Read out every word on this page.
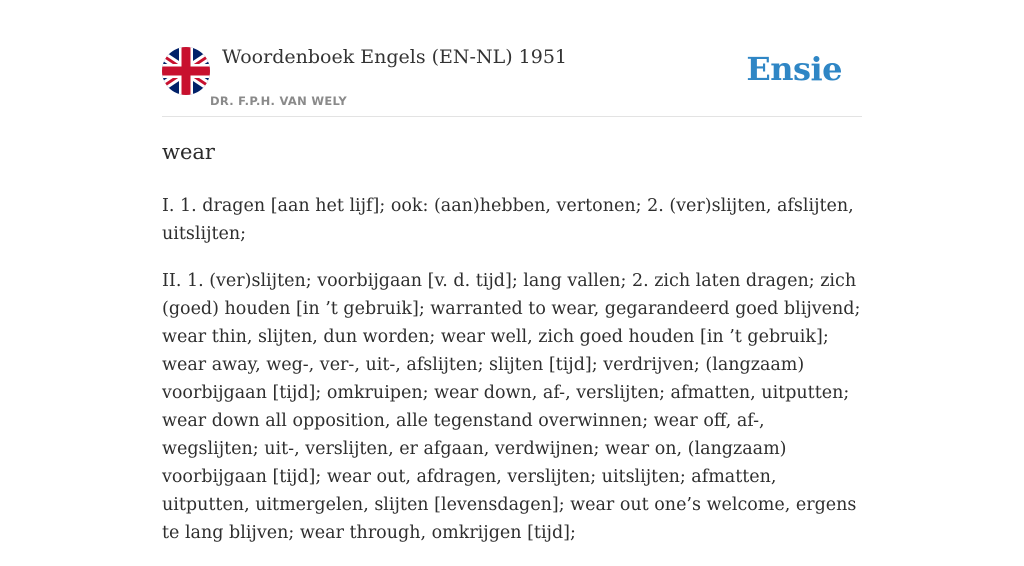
Woordenboek Engels (EN-NL) 1951
DR. F.P.H. VAN WELY
Ensie
wear

I. 1. dragen [aan het lijf]; ook: (aan)hebben, vertonen; 2. (ver)slijten, afslijten, uitslijten;

II. 1. (ver)slijten; voorbijgaan [v. d. tijd]; lang vallen; 2. zich laten dragen; zich (goed) houden [in ’t gebruik]; warranted to wear, gegarandeerd goed blijvend; wear thin, slijten, dun worden; wear well, zich goed houden [in ’t gebruik]; wear away, weg-, ver-, uit-, afslijten; slijten [tijd]; verdrijven; (langzaam) voorbijgaan [tijd]; omkruipen; wear down, af-, verslijten; afmatten, uitputten; wear down all opposition, alle tegenstand overwinnen; wear off, af-, wegslijten; uit-, verslijten, er afgaan, verdwijnen; wear on, (langzaam) voorbijgaan [tijd]; wear out, afdragen, verslijten; uitslijten; afmatten, uitputten, uitmergelen, slijten [levensdagen]; wear out one’s welcome, ergens te lang blijven; wear through, omkrijgen [tijd];
